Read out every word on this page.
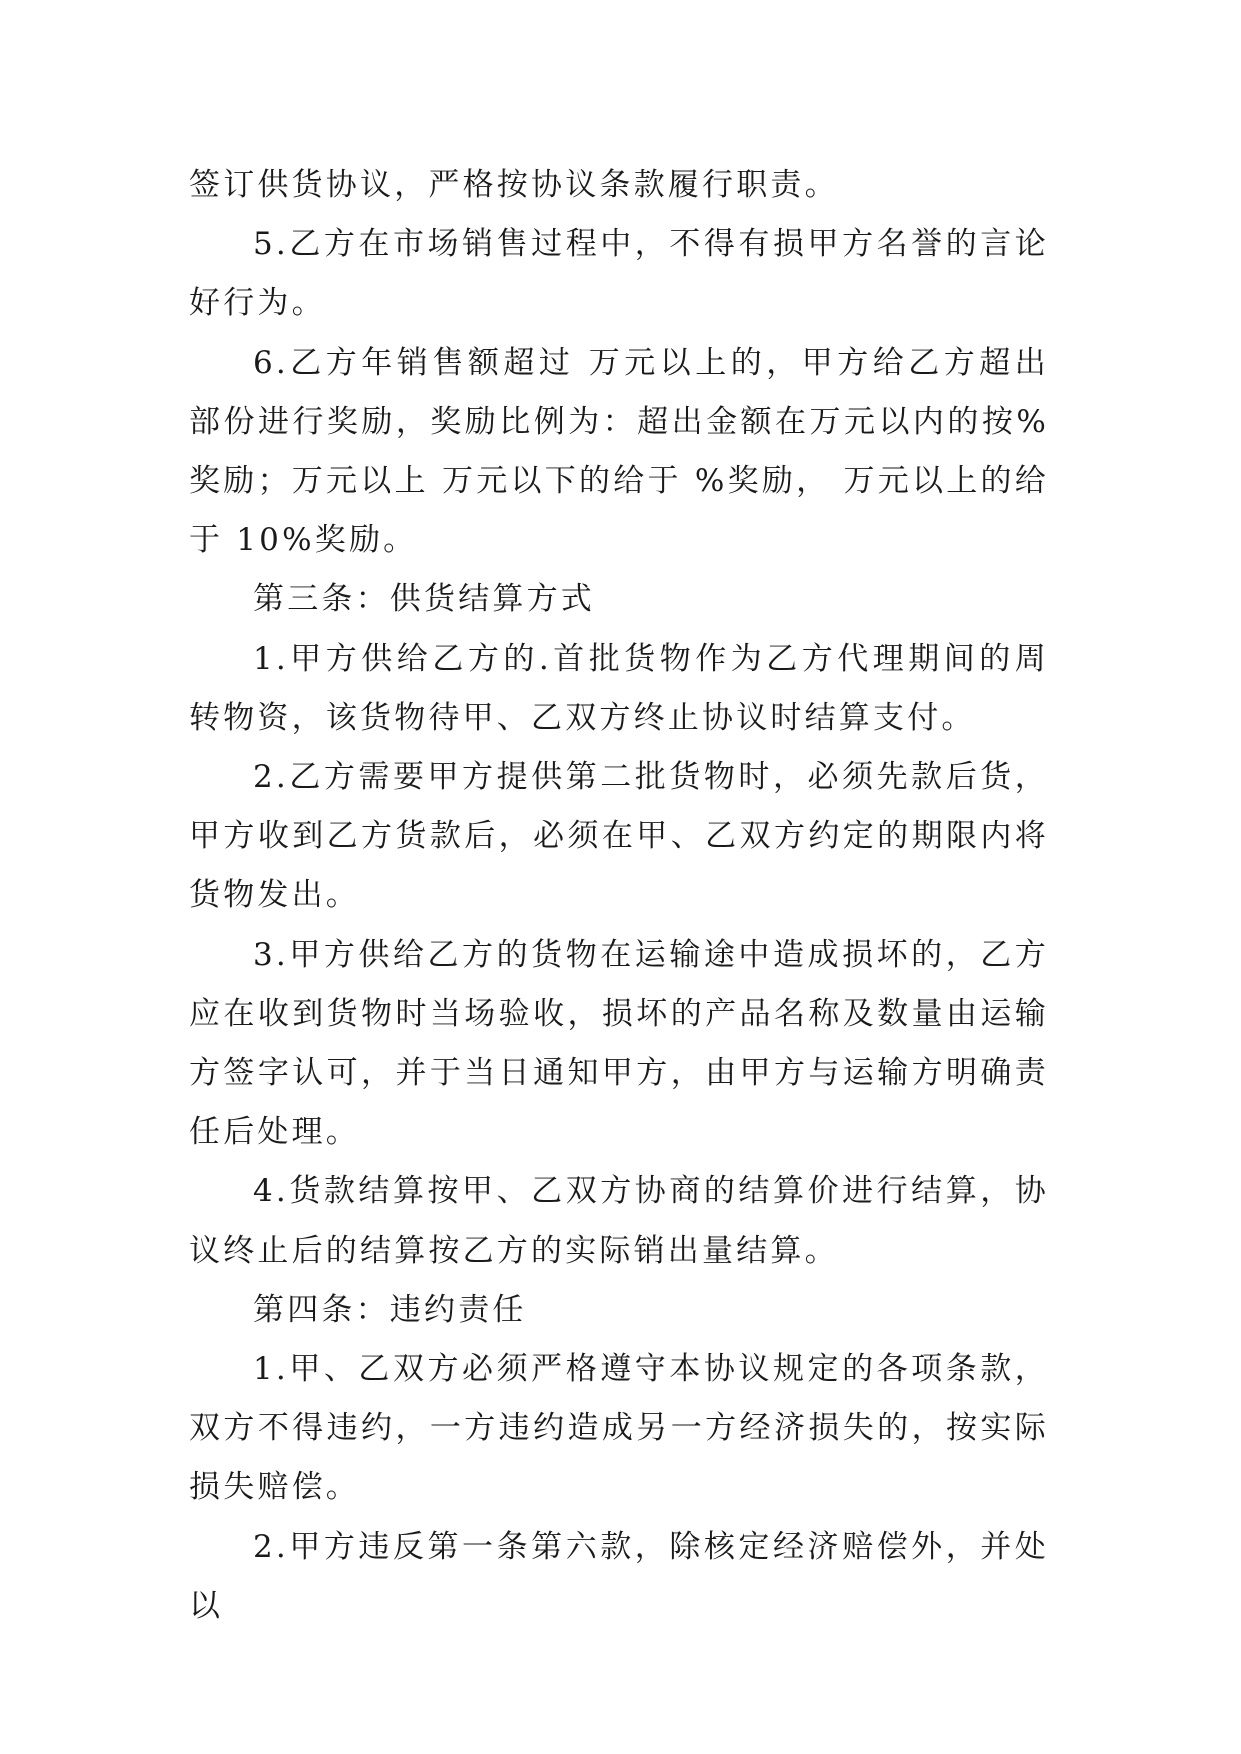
签订供货协议，严格按协议条款履行职责。

5.乙方在市场销售过程中，不得有损甲方名誉的言论好行为。

6.乙方年销售额超过 万元以上的，甲方给乙方超出部份进行奖励，奖励比例为：超出金额在万元以内的按%奖励；万元以上 万元以下的给于 %奖励， 万元以上的给于 10%奖励。

第三条：供货结算方式

1.甲方供给乙方的.首批货物作为乙方代理期间的周转物资，该货物待甲、乙双方终止协议时结算支付。

2.乙方需要甲方提供第二批货物时，必须先款后货，甲方收到乙方货款后，必须在甲、乙双方约定的期限内将货物发出。

3.甲方供给乙方的货物在运输途中造成损坏的，乙方应在收到货物时当场验收，损坏的产品名称及数量由运输方签字认可，并于当日通知甲方，由甲方与运输方明确责任后处理。

4.货款结算按甲、乙双方协商的结算价进行结算，协议终止后的结算按乙方的实际销出量结算。

第四条：违约责任

1.甲、乙双方必须严格遵守本协议规定的各项条款，双方不得违约，一方违约造成另一方经济损失的，按实际损失赔偿。

2.甲方违反第一条第六款，除核定经济赔偿外，并处以
